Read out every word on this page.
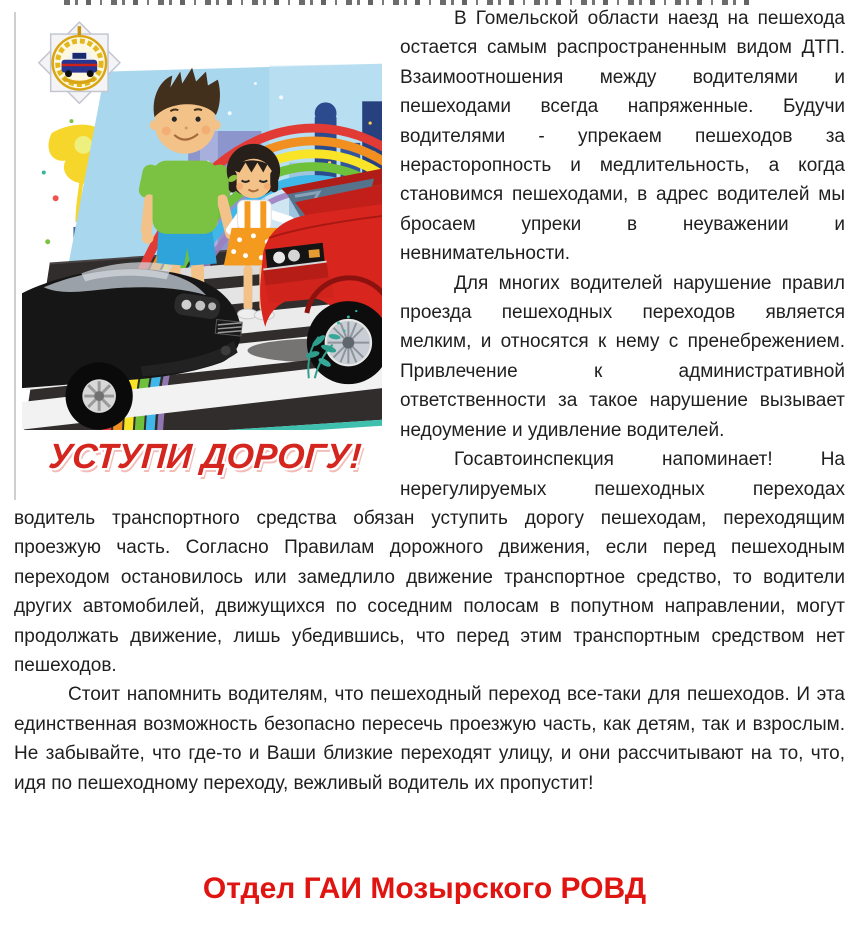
УСТУПИ ДОРОГУ!

В Гомельской области наезд на пешехода остается самым распространенным видом ДТП. Взаимоотношения между водителями и пешеходами всегда напряженные. Будучи водителями - упрекаем пешеходов за нерасторопность и медлительность, а когда становимся пешеходами, в адрес водителей мы бросаем упреки в неуважении и невнимательности.

Для многих водителей нарушение правил проезда пешеходных переходов является мелким, и относятся к нему с пренебрежением. Привлечение к административной ответственности за такое нарушение вызывает недоумение и удивление водителей.

Госавтоинспекция напоминает! На нерегулируемых пешеходных переходах водитель транспортного средства обязан уступить дорогу пешеходам, переходящим проезжую часть. Согласно Правилам дорожного движения, если перед пешеходным переходом остановилось или замедлило движение транспортное средство, то водители других автомобилей, движущихся по соседним полосам в попутном направлении, могут продолжать движение, лишь убедившись, что перед этим транспортным средством нет пешеходов.

Стоит напомнить водителям, что пешеходный переход все-таки для пешеходов. И эта единственная возможность безопасно пересечь проезжую часть, как детям, так и взрослым. Не забывайте, что где-то и Ваши близкие переходят улицу, и они рассчитывают на то, что, идя по пешеходному переходу, вежливый водитель их пропустит!

Отдел ГАИ Мозырского РОВД
